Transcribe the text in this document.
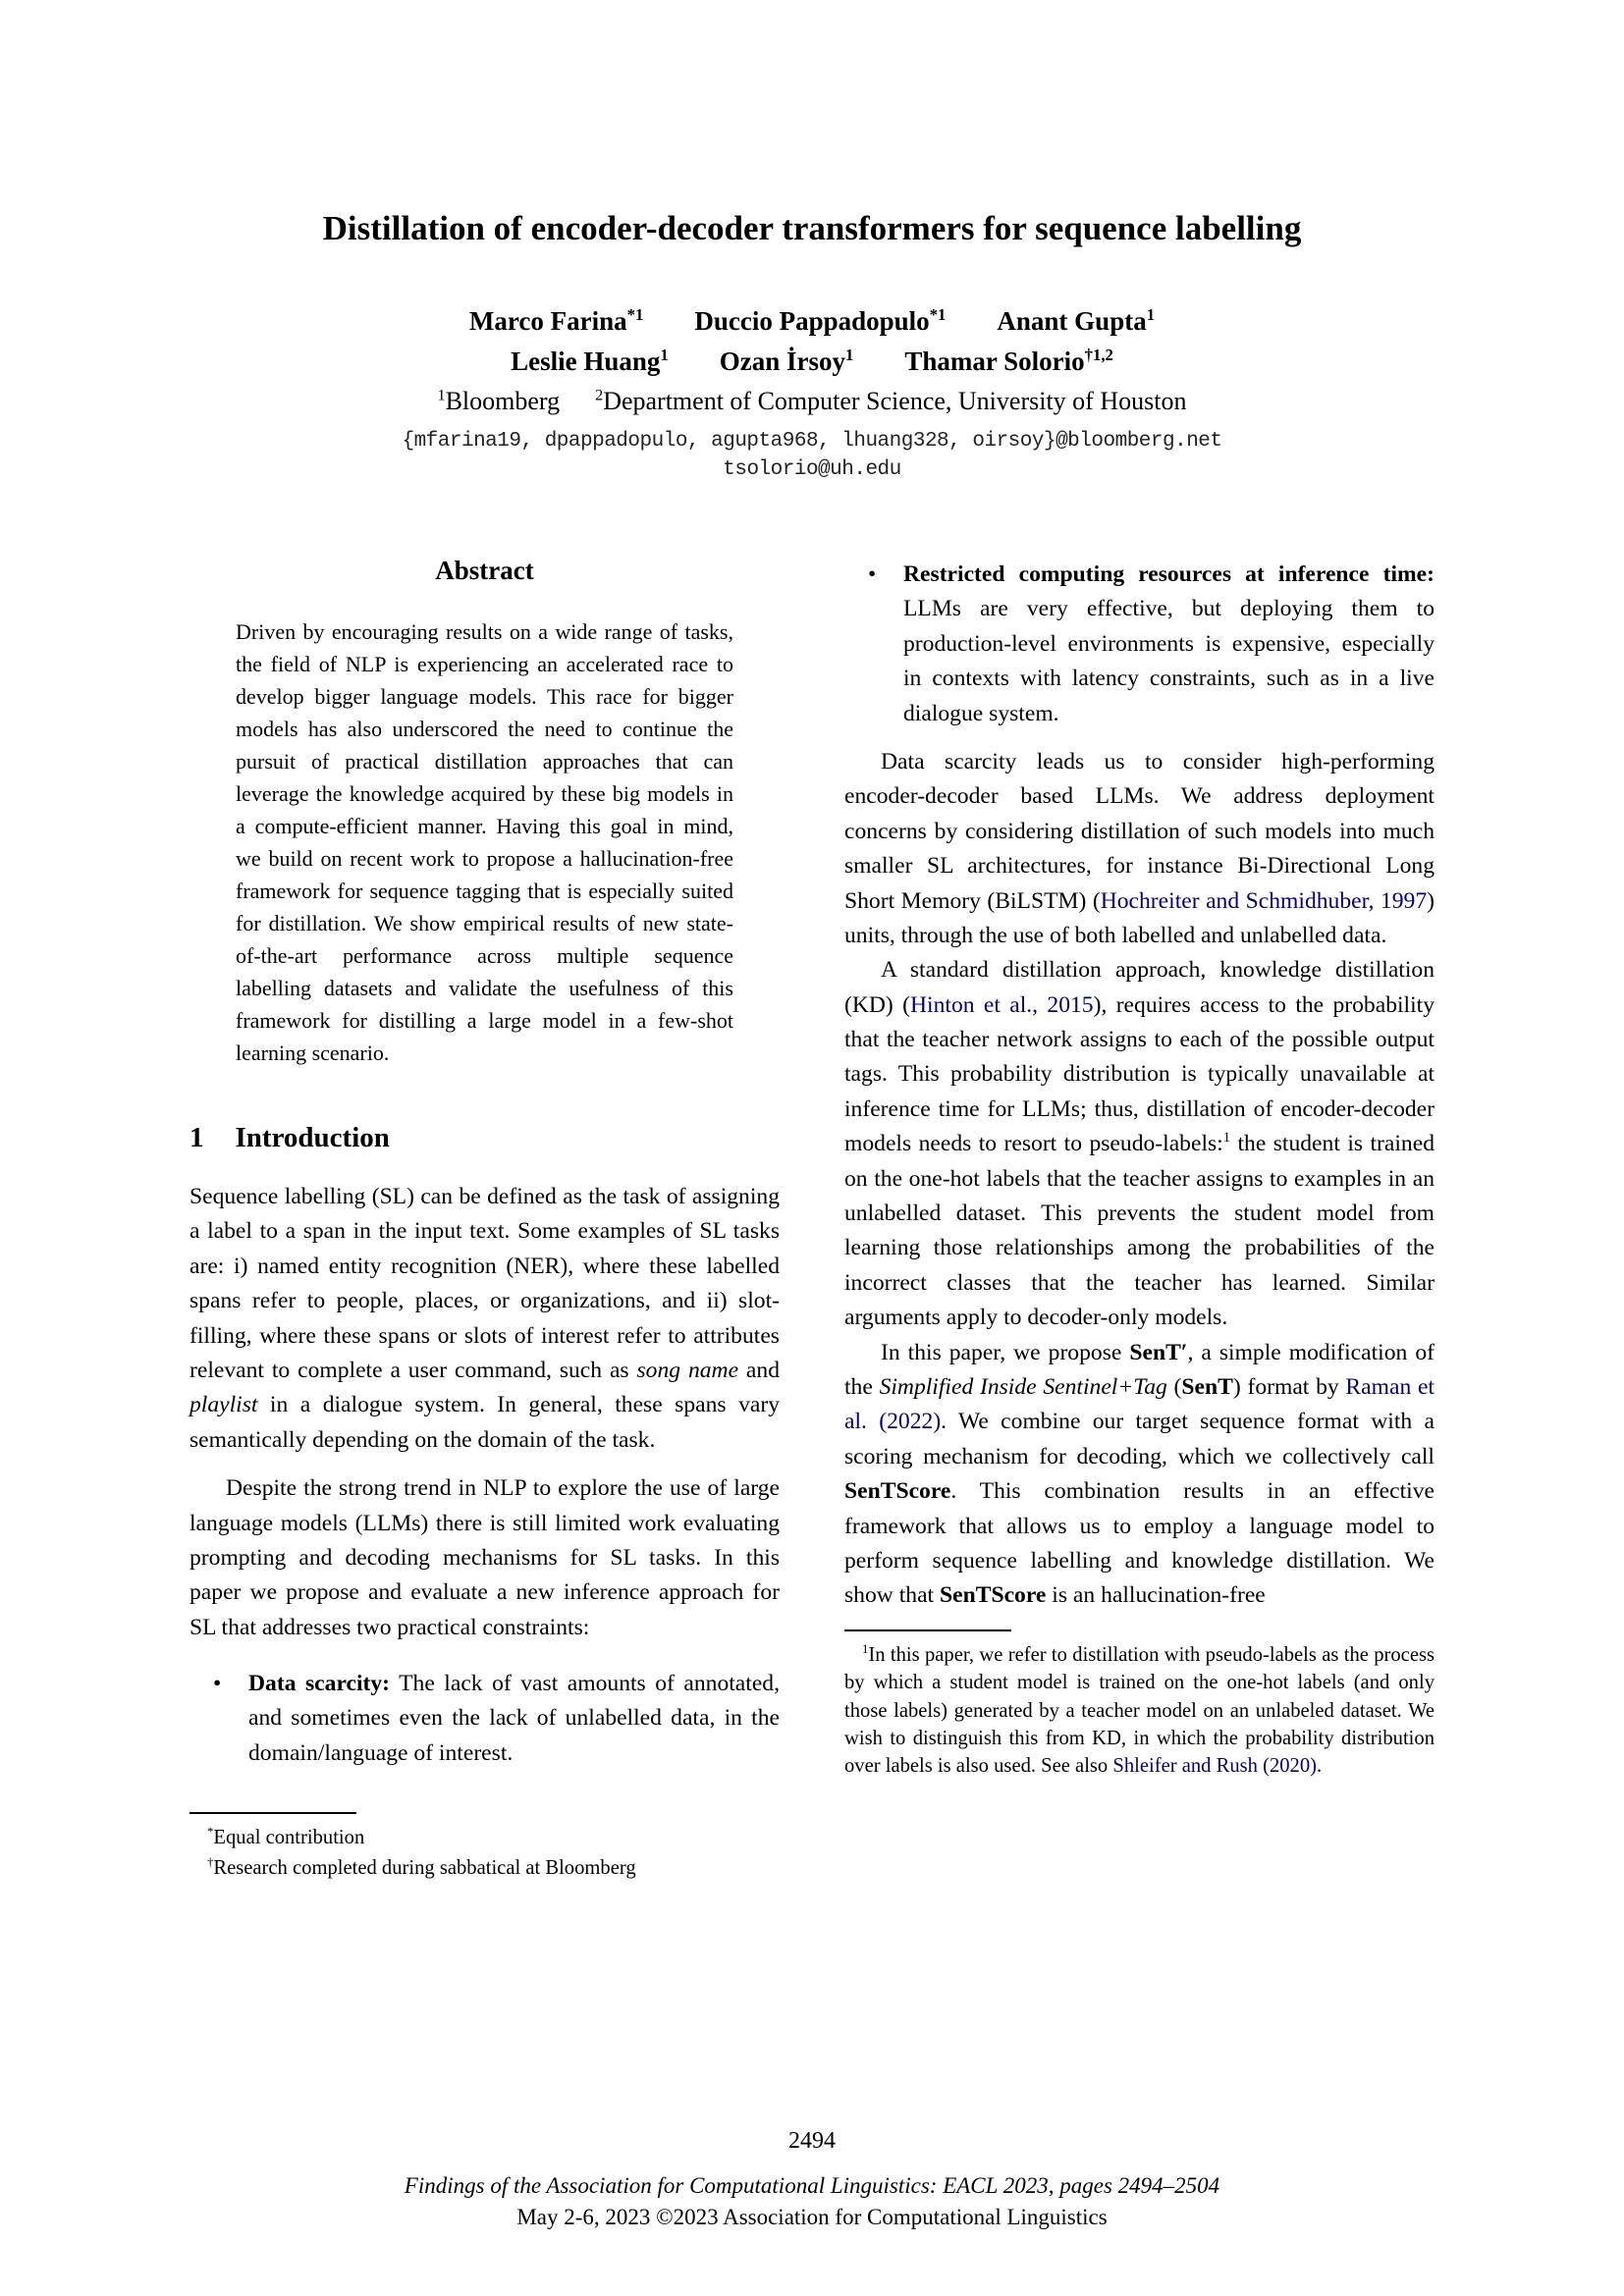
Distillation of encoder-decoder transformers for sequence labelling
Marco Farina$^{*1}$ Duccio Pappadopulo$^{*1}$ Anant Gupta$^1$
Leslie Huang$^1$ Ozan İrsoy$^1$ Thamar Solorio$^{\dagger 1,2}$
$^1$Bloomberg $^2$Department of Computer Science, University of Houston
{mfarina19, dpappadopulo, agupta968, lhuang328, oirsoy}@bloomberg.net
tsolorio@uh.edu
Abstract

Driven by encouraging results on a wide range of tasks, the field of NLP is experiencing an accelerated race to develop bigger language models. This race for bigger models has also underscored the need to continue the pursuit of practical distillation approaches that can leverage the knowledge acquired by these big models in a compute-efficient manner. Having this goal in mind, we build on recent work to propose a hallucination-free framework for sequence tagging that is especially suited for distillation. We show empirical results of new state-of-the-art performance across multiple sequence labelling datasets and validate the usefulness of this framework for distilling a large model in a few-shot learning scenario.

1 Introduction

Sequence labelling (SL) can be defined as the task of assigning a label to a span in the input text. Some examples of SL tasks are: i) named entity recognition (NER), where these labelled spans refer to people, places, or organizations, and ii) slot-filling, where these spans or slots of interest refer to attributes relevant to complete a user command, such as song name and playlist in a dialogue system. In general, these spans vary semantically depending on the domain of the task.

Despite the strong trend in NLP to explore the use of large language models (LLMs) there is still limited work evaluating prompting and decoding mechanisms for SL tasks. In this paper we propose and evaluate a new inference approach for SL that addresses two practical constraints:

•	Data scarcity: The lack of vast amounts of annotated, and sometimes even the lack of unlabelled data, in the domain/language of interest.

*Equal contribution

†Research completed during sabbatical at Bloomberg

•	Restricted computing resources at inference time: LLMs are very effective, but deploying them to production-level environments is expensive, especially in contexts with latency constraints, such as in a live dialogue system.

Data scarcity leads us to consider high-performing encoder-decoder based LLMs. We address deployment concerns by considering distillation of such models into much smaller SL architectures, for instance Bi-Directional Long Short Memory (BiLSTM) (Hochreiter and Schmidhuber, 1997) units, through the use of both labelled and unlabelled data.

A standard distillation approach, knowledge distillation (KD) (Hinton et al., 2015), requires access to the probability that the teacher network assigns to each of the possible output tags. This probability distribution is typically unavailable at inference time for LLMs; thus, distillation of encoder-decoder models needs to resort to pseudo-labels:$^1$ the student is trained on the one-hot labels that the teacher assigns to examples in an unlabelled dataset. This prevents the student model from learning those relationships among the probabilities of the incorrect classes that the teacher has learned. Similar arguments apply to decoder-only models.

In this paper, we propose SenT′, a simple modification of the Simplified Inside Sentinel+Tag (SenT) format by Raman et al. (2022). We combine our target sequence format with a scoring mechanism for decoding, which we collectively call SenTScore. This combination results in an effective framework that allows us to employ a language model to perform sequence labelling and knowledge distillation. We show that SenTScore is an hallucination-free

$^1$In this paper, we refer to distillation with pseudo-labels as the process by which a student model is trained on the one-hot labels (and only those labels) generated by a teacher model on an unlabeled dataset. We wish to distinguish this from KD, in which the probability distribution over labels is also used. See also Shleifer and Rush (2020).

2494

Findings of the Association for Computational Linguistics: EACL 2023, pages 2494–2504

May 2-6, 2023 ©2023 Association for Computational Linguistics
